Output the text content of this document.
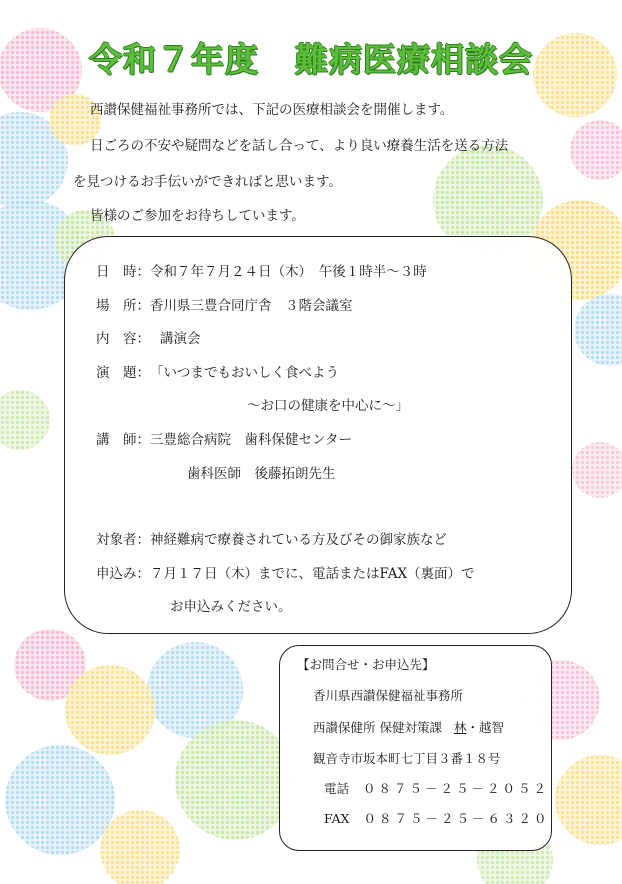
令和７年度 難病医療相談会

西讃保健福祉事務所では、下記の医療相談会を開催します。

日ごろの不安や疑問などを話し合って、より良い療養生活を送る方法

を見つけるお手伝いができればと思います。

皆様のご参加をお待ちしています。

日　時：令和７年７月２４日（木）　午後１時半～３時
場　所：香川県三豊合同庁舎　３階会議室
内　容： 講演会
演　題：「いつまでもおいしく食べよう
～お口の健康を中心に～」
講　師：三豊総合病院　歯科保健センター
歯科医師　後藤拓朗先生
対象者：神経難病で療養されている方及びその御家族など
申込み：７月１７日（木）までに、電話またはFAX（裏面）で
お申込みください。
【お問合せ・お申込先】
香川県西讃保健福祉事務所
西讃保健所 保健対策課 林・越智
観音寺市坂本町七丁目３番１８号
電話 ０８７５－２５－２０５２
FAX ０８７５－２５－６３２０
